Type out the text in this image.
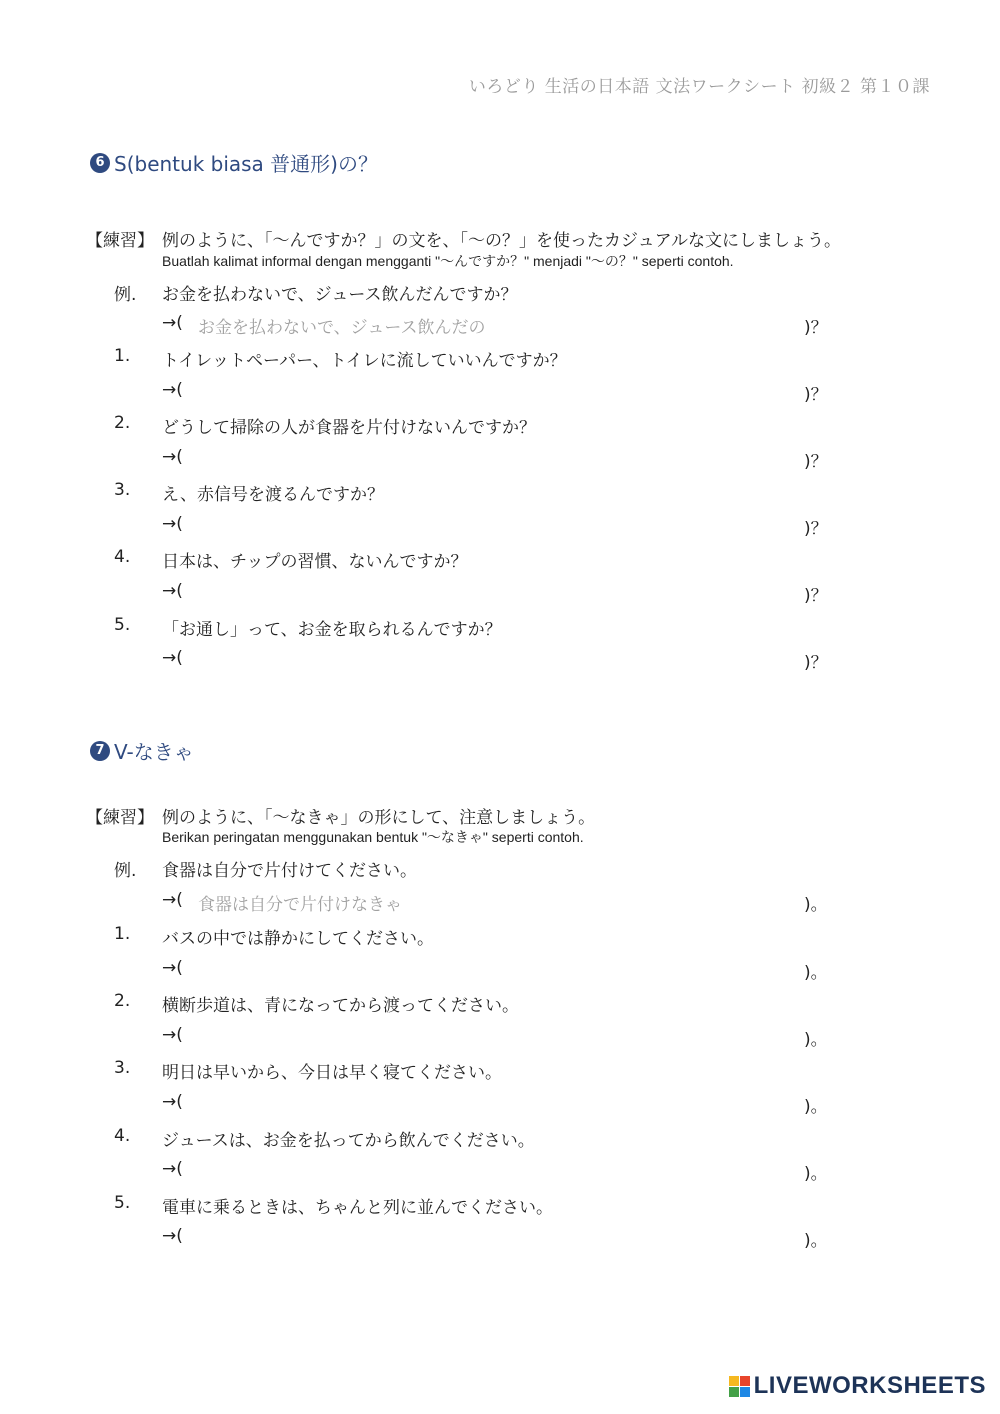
いろどり 生活の日本語 文法ワークシート 初級２ 第１０課
6 S(bentuk biasa 普通形)の？
【練習】 例のように、「～んですか？」の文を、「～の？」を使ったカジュアルな文にしましょう。
Buatlah kalimat informal dengan mengganti "～んですか？" menjadi "～の？" seperti contoh.
例. お金を払わないで、ジュース飲んだんですか？
→( お金を払わないで、ジュース飲んだの	)？
1. トイレットペーパー、トイレに流していいんですか？
→(	)？
2. どうして掃除の人が食器を片付けないんですか？
→(	)？
3. え、赤信号を渡るんですか？
→(	)？
4. 日本は、チップの習慣、ないんですか？
→(	)？
5. 「お通し」って、お金を取られるんですか？
→(	)？
7 V-なきゃ
【練習】 例のように、「～なきゃ」の形にして、注意しましょう。
Berikan peringatan menggunakan bentuk "～なきゃ" seperti contoh.
例. 食器は自分で片付けてください。
→( 食器は自分で片付けなきゃ	)。
1. バスの中では静かにしてください。
→(	)。
2. 横断歩道は、青になってから渡ってください。
→(	)。
3. 明日は早いから、今日は早く寝てください。
→(	)。
4. ジュースは、お金を払ってから飲んでください。
→(	)。
5. 電車に乗るときは、ちゃんと列に並んでください。
→(	)。
LIVEWORKSHEETS
